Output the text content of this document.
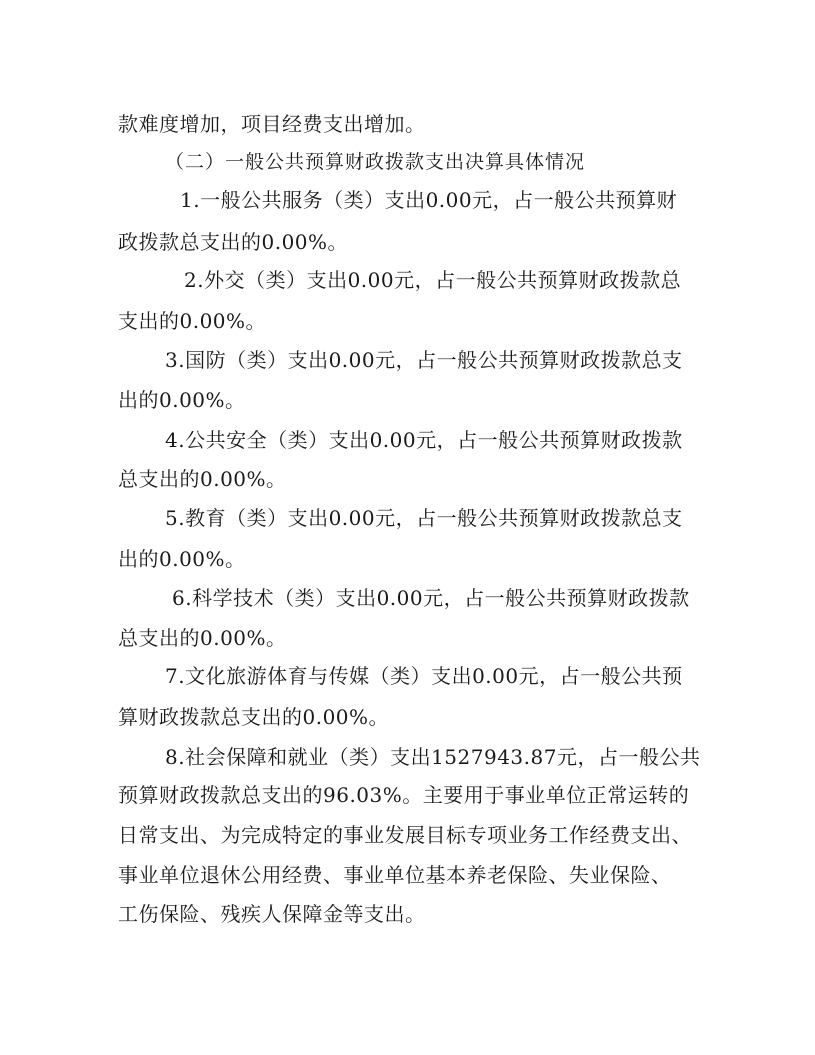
款难度增加，项目经费支出增加。
（二）一般公共预算财政拨款支出决算具体情况
1.一般公共服务（类）支出0.00元，占一般公共预算财
政拨款总支出的0.00%。
2.外交（类）支出0.00元，占一般公共预算财政拨款总
支出的0.00%。
3.国防（类）支出0.00元，占一般公共预算财政拨款总支
出的0.00%。
4.公共安全（类）支出0.00元，占一般公共预算财政拨款
总支出的0.00%。
5.教育（类）支出0.00元，占一般公共预算财政拨款总支
出的0.00%。
6.科学技术（类）支出0.00元，占一般公共预算财政拨款
总支出的0.00%。
7.文化旅游体育与传媒（类）支出0.00元，占一般公共预
算财政拨款总支出的0.00%。
8.社会保障和就业（类）支出1527943.87元，占一般公共
预算财政拨款总支出的96.03%。主要用于事业单位正常运转的
日常支出、为完成特定的事业发展目标专项业务工作经费支出、
事业单位退休公用经费、事业单位基本养老保险、失业保险、
工伤保险、残疾人保障金等支出。
